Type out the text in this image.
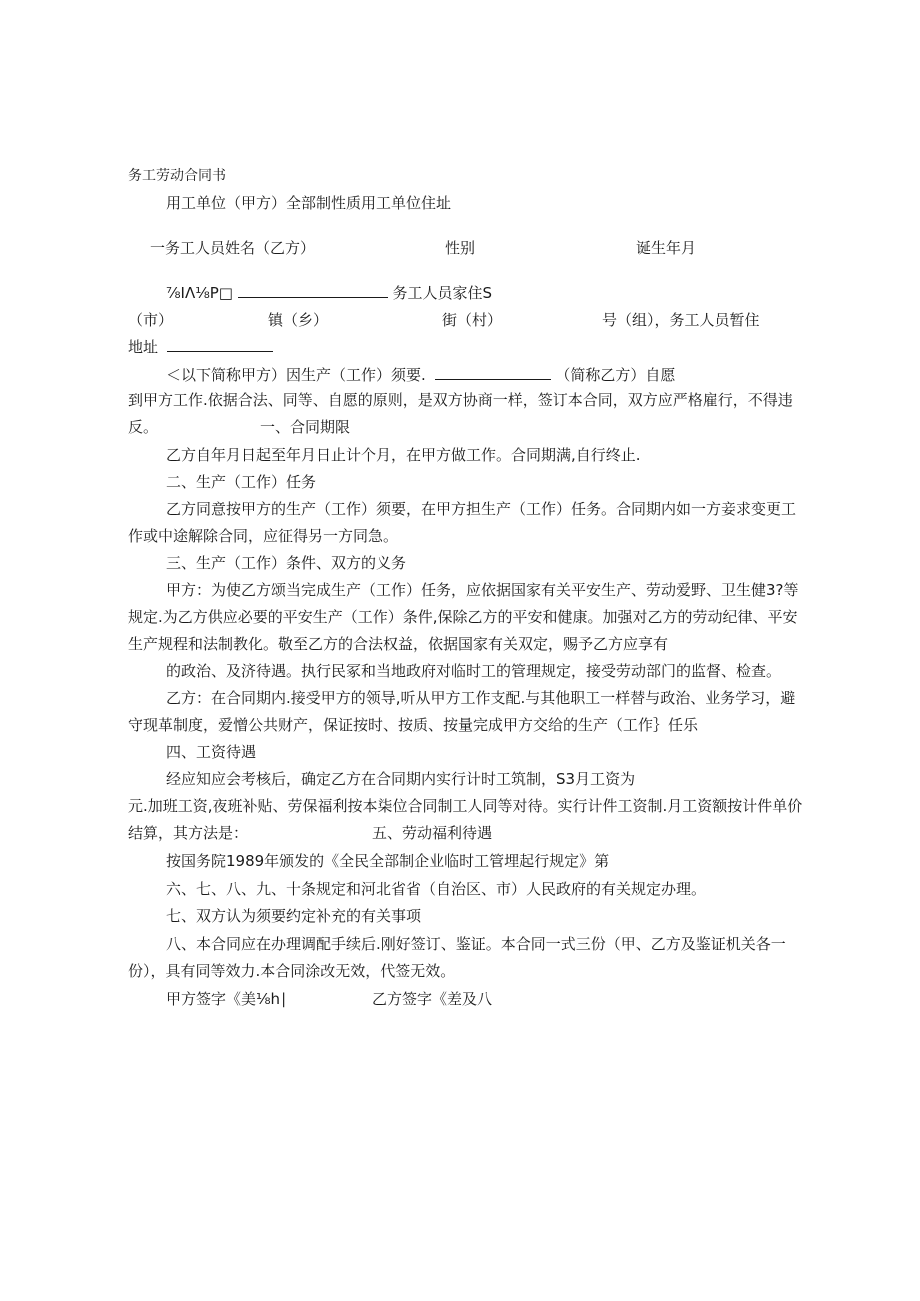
务工劳动合同书
用工单位（甲方）全部制性质用工单位住址
一务工人员姓名（乙方）	性别	诞生年月
⅞IΛ⅛P□	务工人员家住S
（市）	镇（乡）	街（村）	号（组），务工人员暂住
地址
＜以下简称甲方）因生产（工作）须要.	（简称乙方）自愿
到甲方工作.依据合法、同等、自愿的原则，是双方协商一样，签订本合同，双方应严格雇行，不得违
反。	一、合同期限
乙方自年月日起至年月日止计个月，在甲方做工作。合同期满,自行终止.
二、生产（工作）任务
乙方同意按甲方的生产（工作）须要，在甲方担生产（工作）任务。合同期内如一方妾求变更工
作或中途解除合同，应征得另一方同急。
三、生产（工作）条件、双方的义务
甲方：为使乙方颂当完成生产（工作）任务，应依据国家有关平安生产、劳动爱野、卫生健3?等
规定.为乙方供应必要的平安生产（工作）条件,保除乙方的平安和健康。加强对乙方的劳动纪律、平安
生产规程和法制教化。敬至乙方的合法权益，依据国家有关双定，赐予乙方应享有
的政治、及济待遇。执行民冢和当地政府对临时工的管理规定，接受劳动部门的监督、检查。
乙方：在合同期内.接受甲方的领导,听从甲方工作支配.与其他职工一样替与政治、业务学习，避
守现革制度，爱憎公共财产，保证按时、按质、按量完成甲方交给的生产（工作｝任乐
四、工资待遇
经应知应会考核后，确定乙方在合同期内实行计时工筑制，S3月工资为
元.加班工资,夜班补贴、劳保福利按本柒位合同制工人同等对待。实行计件工资制.月工资额按计件单价
结算，其方法是：	五、劳动福利待遇
按国务院1989年颁发的《全民全部制企业临时工管埋起行规定》第
六、七、八、九、十条规定和河北省省（自治区、市）人民政府的有关规定办理。
七、双方认为须要约定补充的有关事项
八、本合同应在办理调配手续后.刚好签订、鉴证。本合同一式三份（甲、乙方及鉴证机关各一
份），具有同等效力.本合同涂改无效，代签无效。
甲方签字《美⅛h∣	乙方签字《差及八
